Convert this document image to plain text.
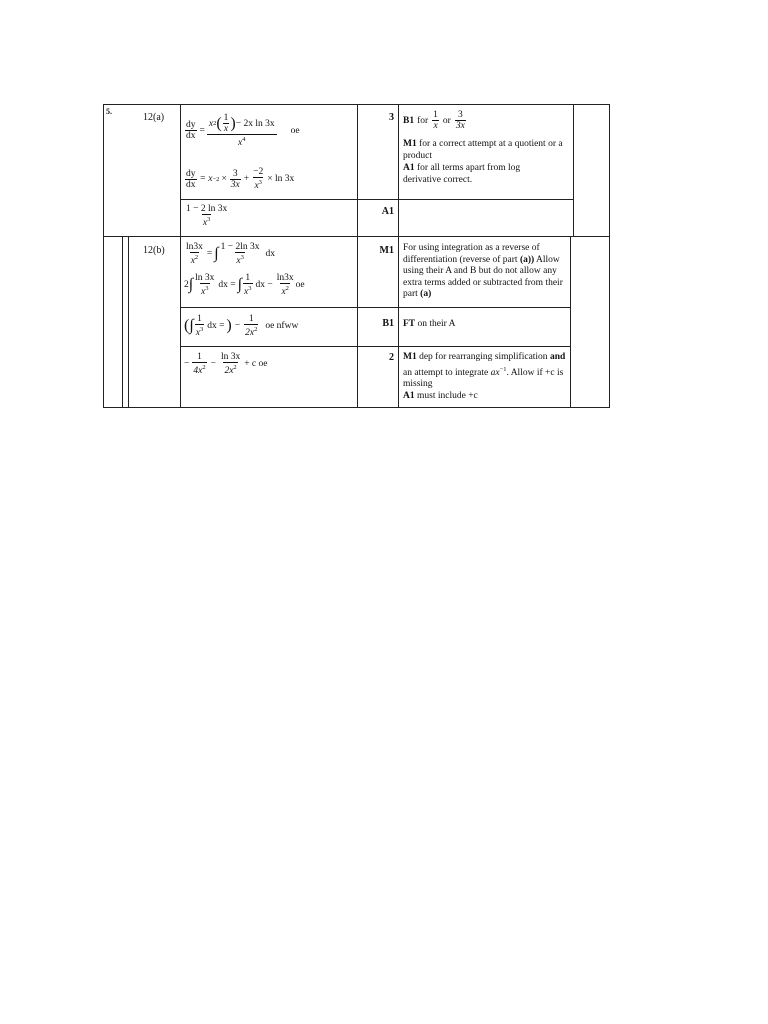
5.
12(a)
$\frac{dy}{dx} = \frac{x 2 ( \frac{1}{x} ) - 2x \ln 3x}{x^4}$ oe
$\frac{dy}{dx} = x -2 \times \frac{3}{3x} + \frac{-2}{x^3} \times \ln 3x$
3 B1 for $\frac{1}{x}$ or $\frac{3}{3x}$
M1 for a correct attempt at a quotient or a product
A1 for all terms apart from log derivative correct.
$\frac{1 - 2 \ln 3x}{x^3}$	A1
$12(b) \frac{\ln 3x}{x^2}$ = ∫ $\frac{1 - 2\ln 3x}{x^3}$ dx
2 ∫ $\frac{\ln 3x}{x^3}$ dx = ∫ $\frac{1}{x^3}$ dx − $\frac{\ln 3x}{x^2}$ oe
M1 For using integration as a reverse of differentiation (reverse of part (a)) Allow using their A and B but do not allow any extra terms added or subtracted from their part (a)
( ∫ $\frac{1}{x^3}$ dx = ) − $\frac{1}{2x^2}$ oe nfww	B1 FT on their A
− $\frac{1}{4x^2} - \frac{\ln 3x}{2x^2} + c$ oe
2 M1 dep for rearranging simplification and an attempt to integrate $ax^{-1}$. Allow if +c is missing
A1 must include +c
